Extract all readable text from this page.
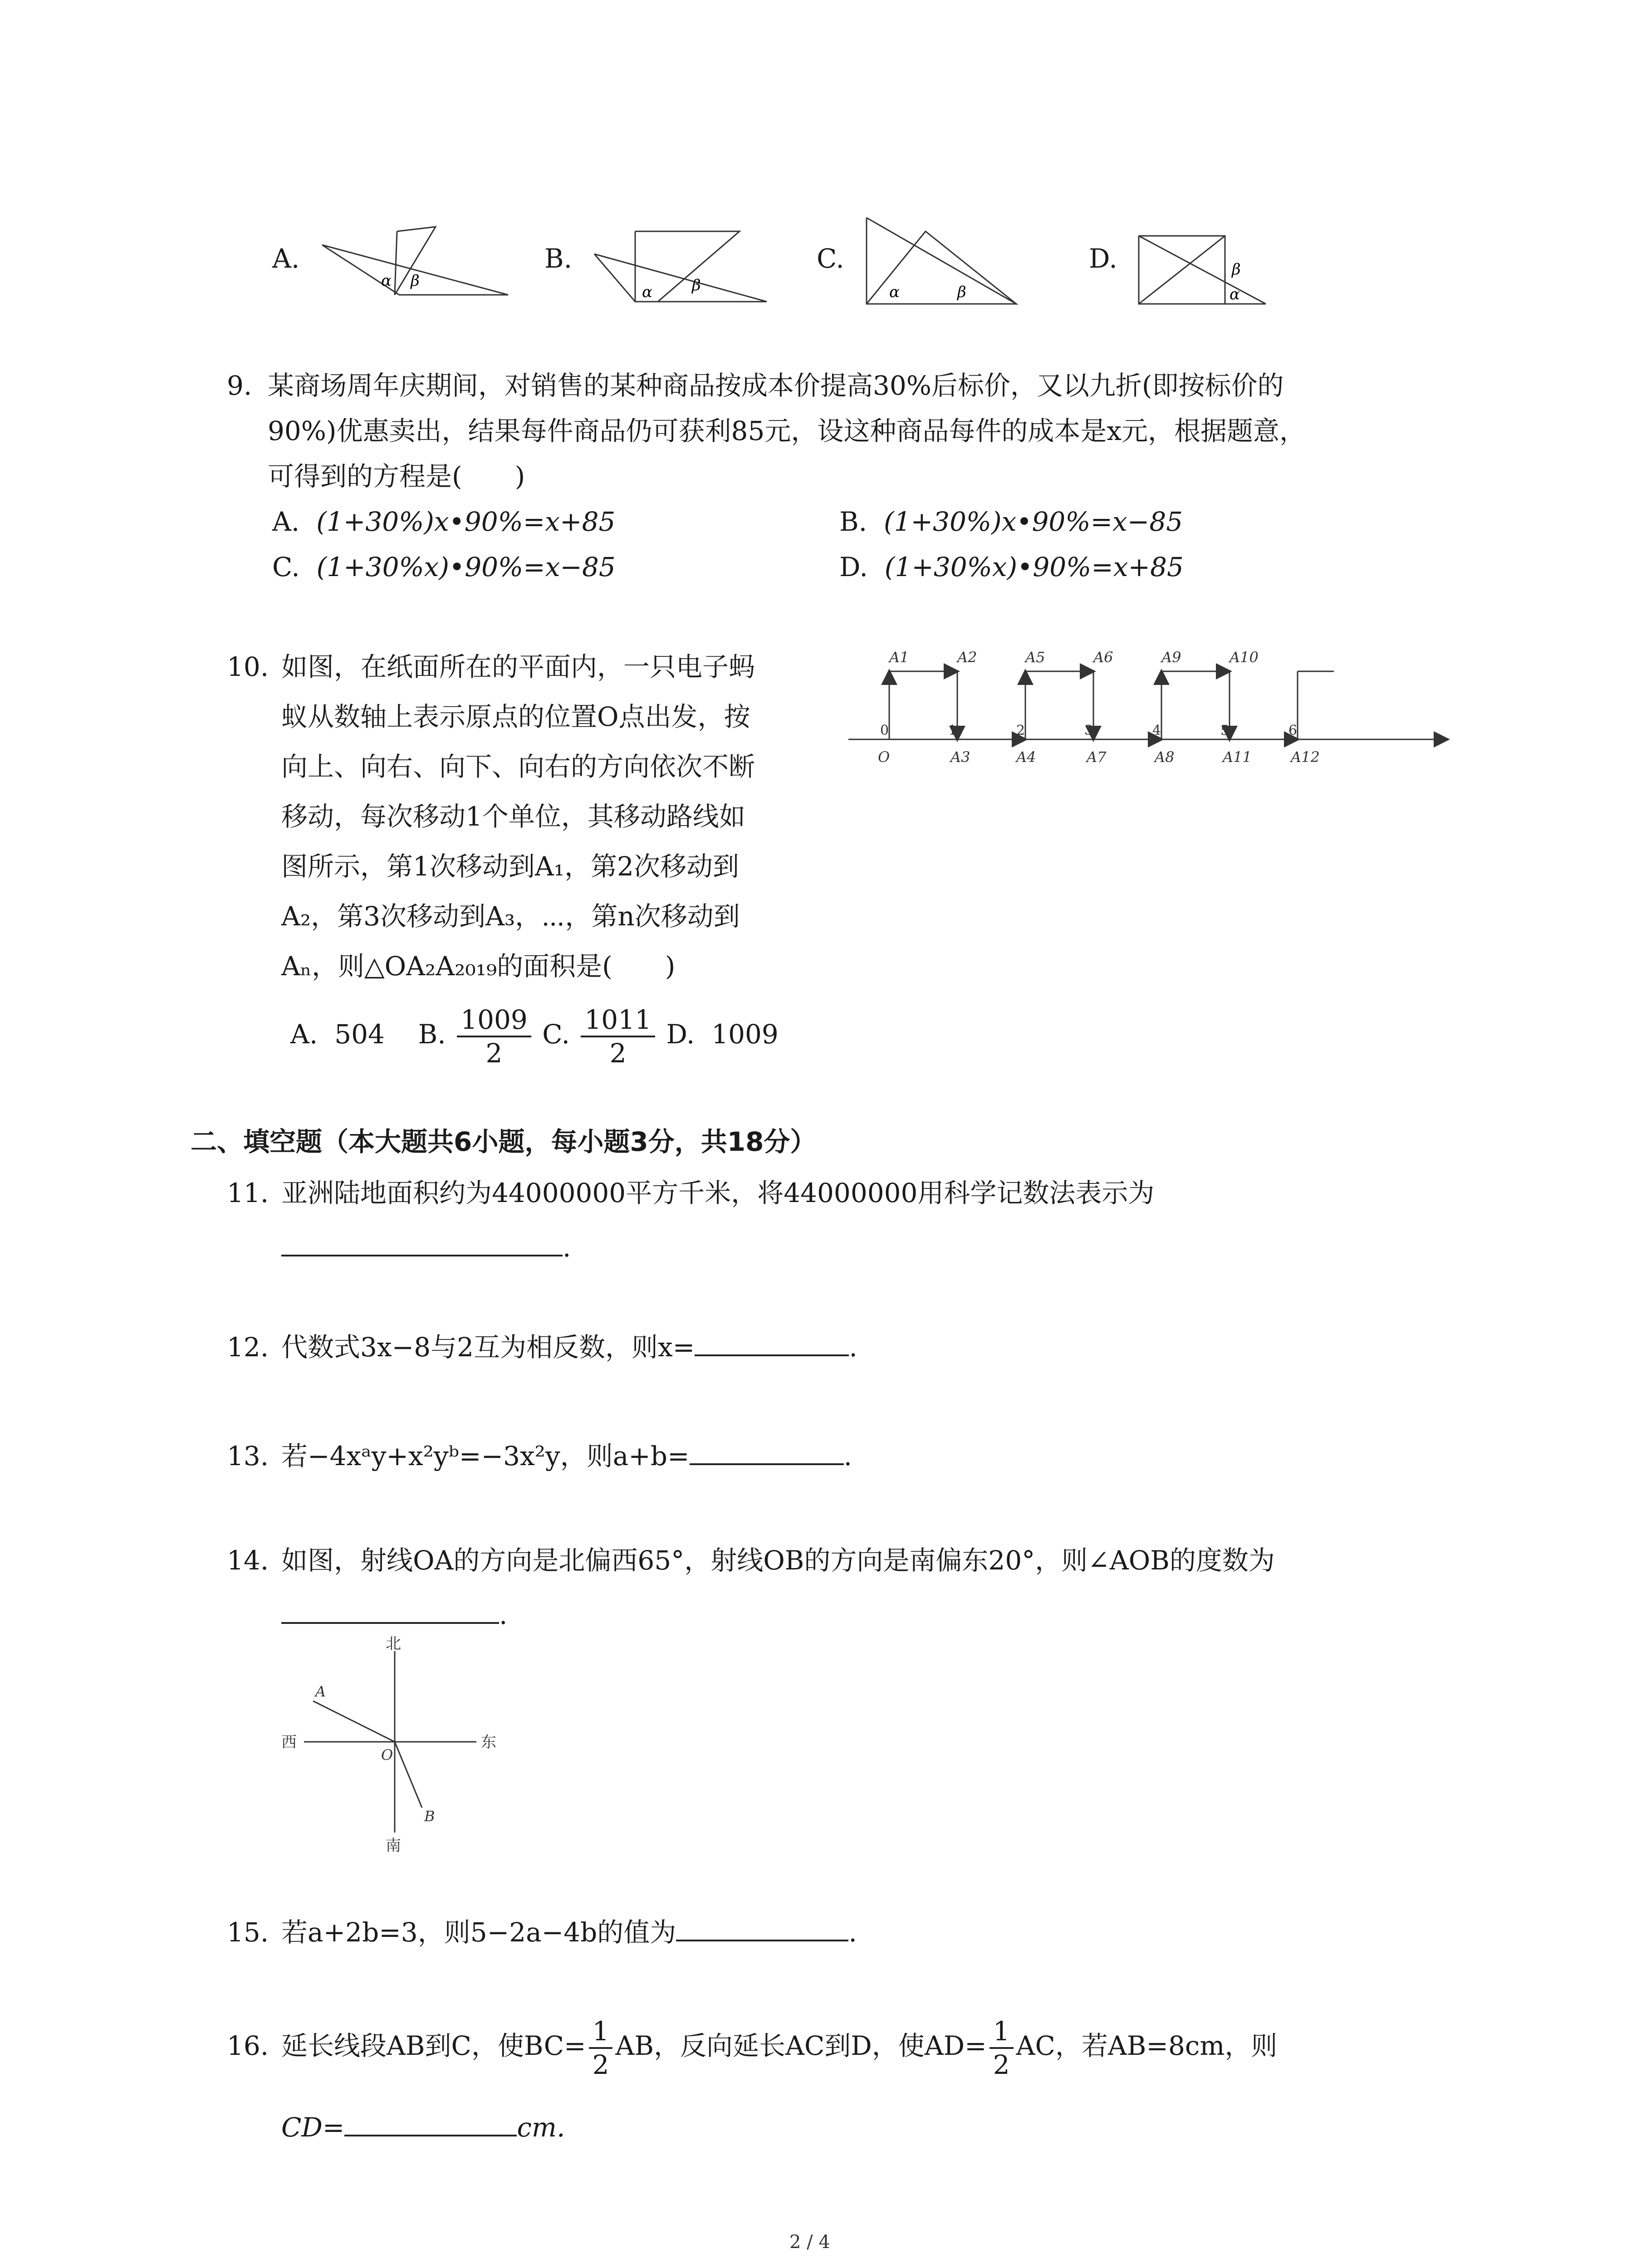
A.
α β
B.
α	β
C.
α	β
D.	β
α
9. 某商场周年庆期间，对销售的某种商品按成本价提高30%后标价，又以九折(即按标价的
90%)优惠卖出，结果每件商品仍可获利85元，设这种商品每件的成本是x元，根据题意，
可得到的方程是(　　)
A. (1+30%)x•90%=x+85	B. (1+30%)x•90%=x−85
C. (1+30%x)•90%=x−85	D. (1+30%x)•90%=x+85
10. 如图，在纸面所在的平面内，一只电子蚂
蚁从数轴上表示原点的位置O点出发，按
向上、向右、向下、向右的方向依次不断
移动，每次移动1个单位，其移动路线如
图所示，第1次移动到A₁，第2次移动到
A₂，第3次移动到A₃，⋯，第n次移动到
Aₙ，则△OA₂A₂₀₁₉的面积是(　　)
A. 504 B. $\frac{1009}{2} C$. $\frac{1011}{2} D$. 1009
A1	A2	A5	A6	A9	A10
A3	A4	A7	A8	A11	A12
O
0	1	2	3	4	5	6
二、填空题（本大题共6小题，每小题3分，共18分）
11. 亚洲陆地面积约为44000000平方千米，将44000000用科学记数法表示为
.
12. 代数式3x−8与2互为相反数，则x=	.
13. 若−4xᵃy+x²yᵇ=−3x²y，则a+b=	.
14. 如图，射线OA的方向是北偏西65°，射线OB的方向是南偏东20°，则∠AOB的度数为
.
北
南
东
西
A
B
O
15. 若a+2b=3，则5−2a−4b的值为	.
16. 延长线段AB到C，使$BC= \frac{1}{2}$ AB，反向延长AC到D，使$AD= \frac{1}{2}$ AC，若AB=8cm，则
CD=	cm.
2 / 4
